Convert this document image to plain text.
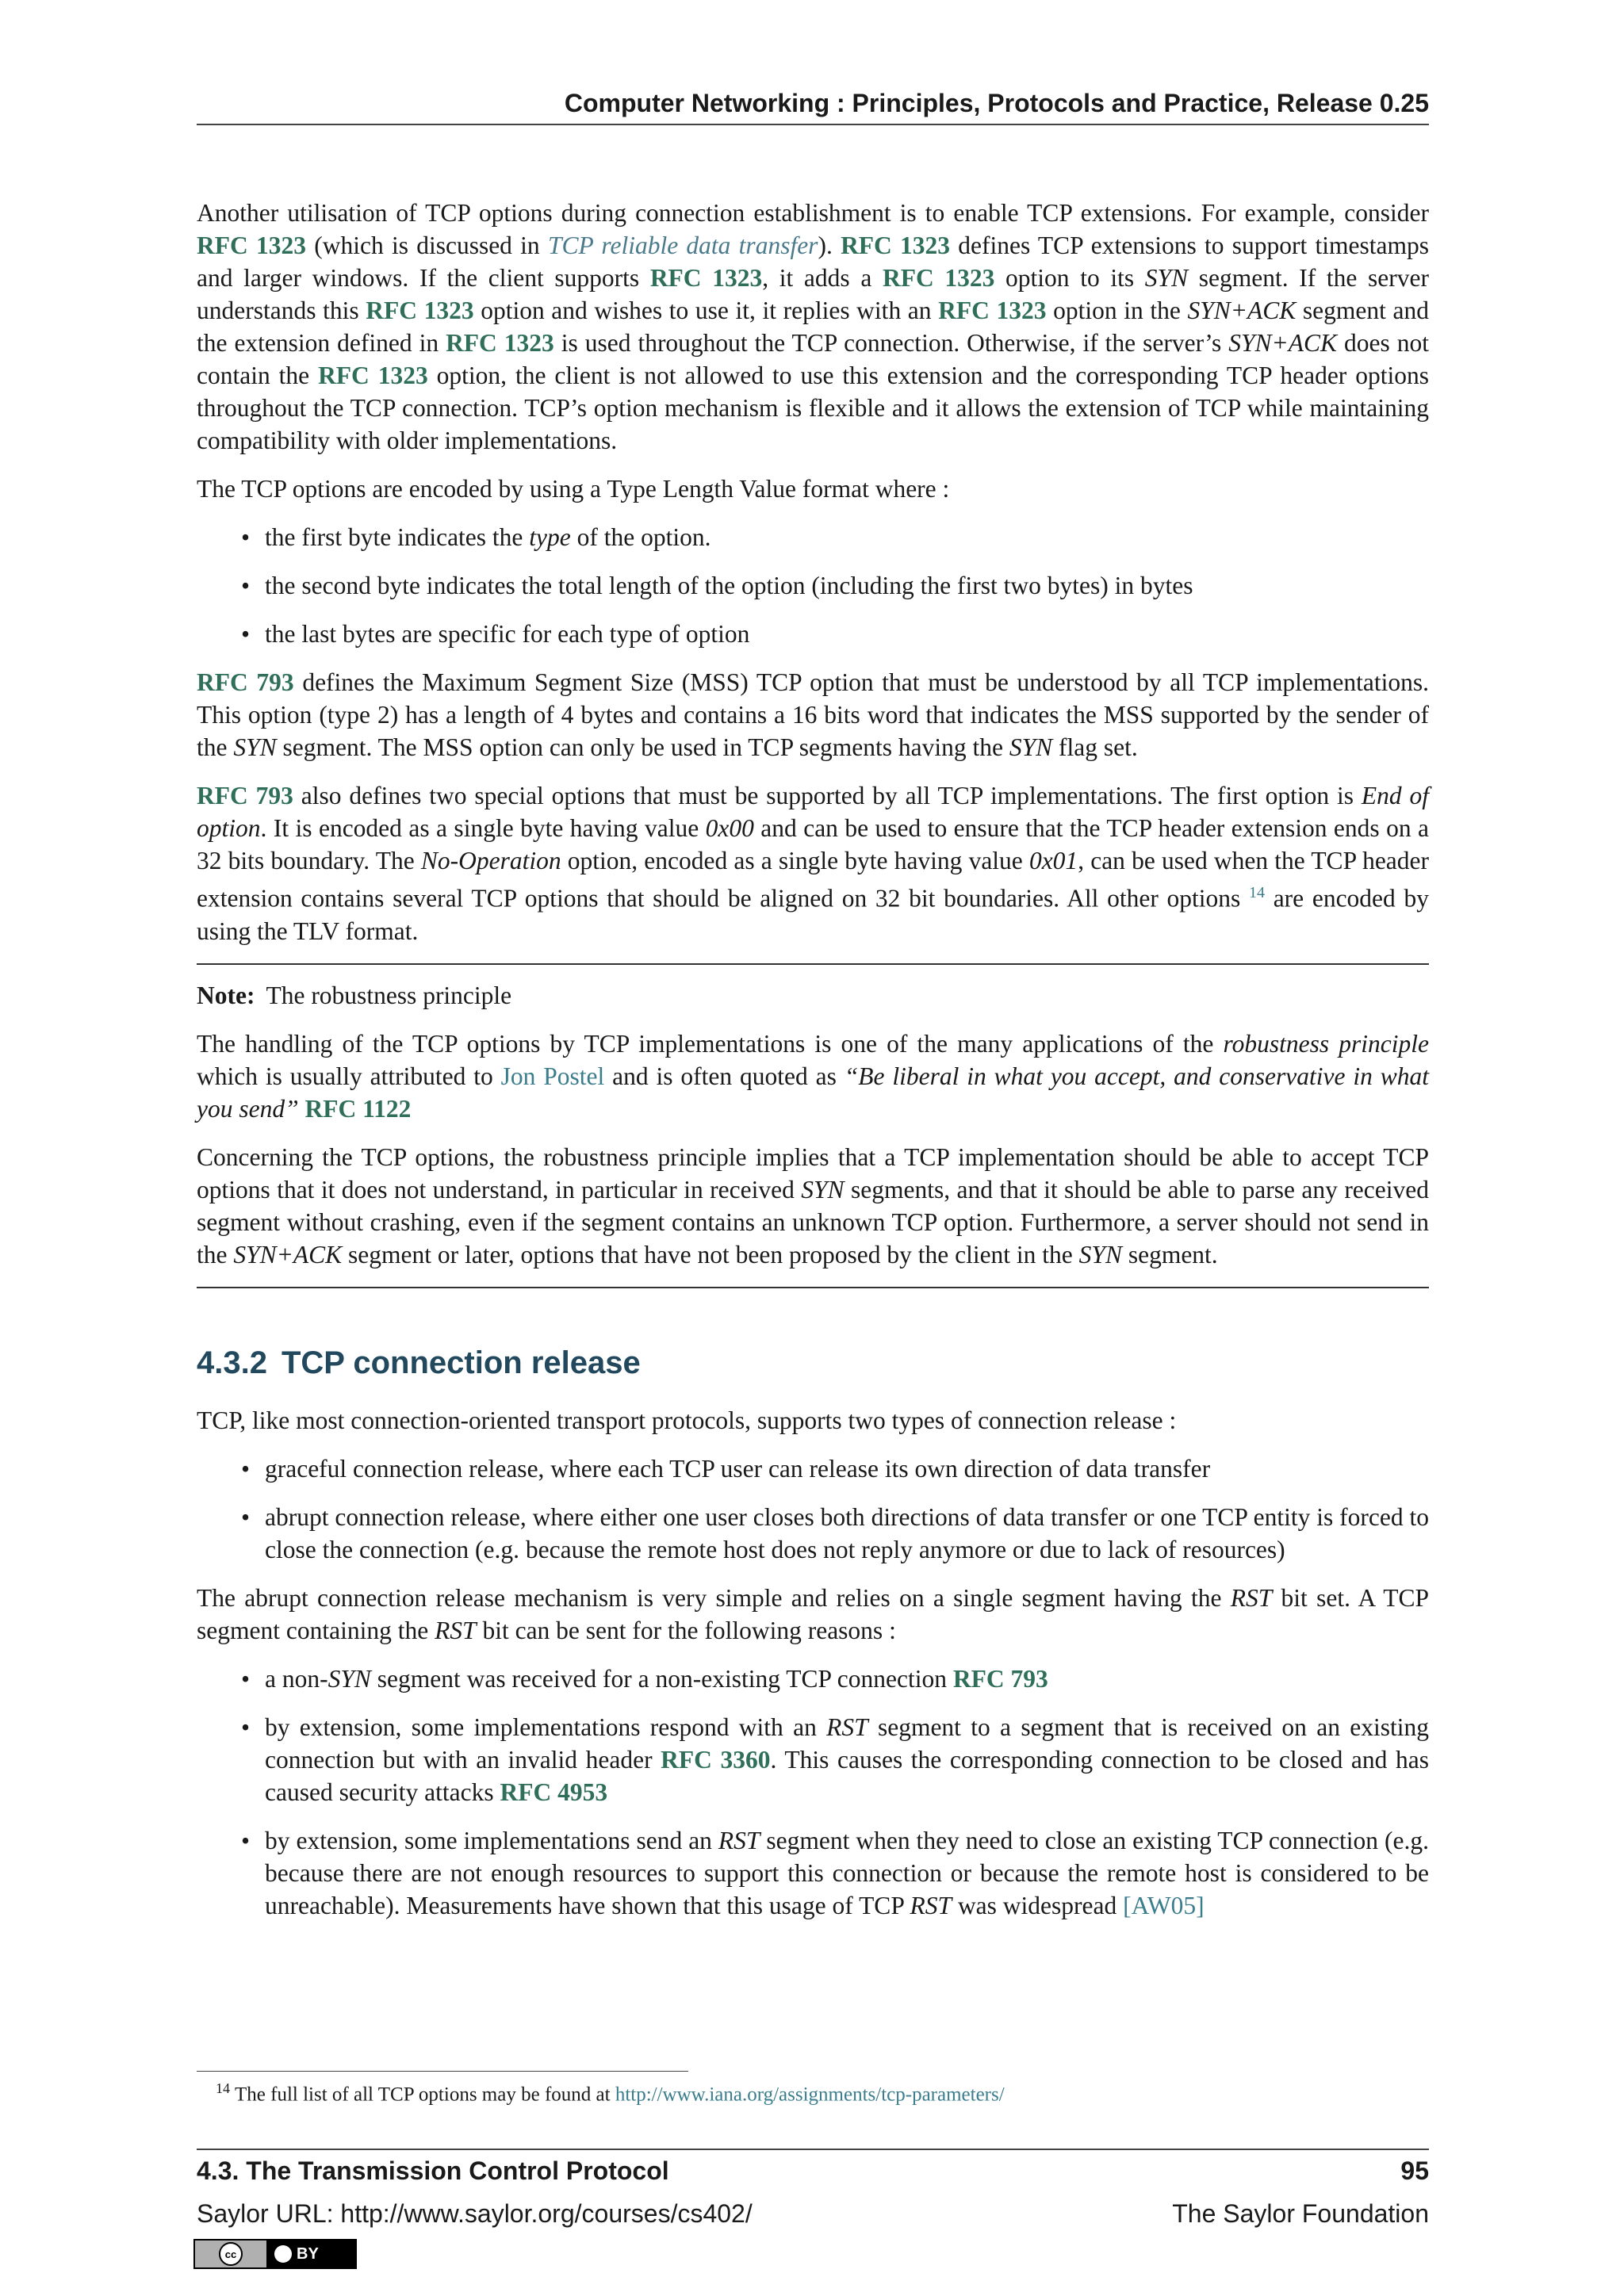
Computer Networking : Principles, Protocols and Practice, Release 0.25

Another utilisation of TCP options during connection establishment is to enable TCP extensions. For example, consider RFC 1323 (which is discussed in TCP reliable data transfer). RFC 1323 defines TCP extensions to support timestamps and larger windows. If the client supports RFC 1323, it adds a RFC 1323 option to its SYN segment. If the server understands this RFC 1323 option and wishes to use it, it replies with an RFC 1323 option in the SYN+ACK segment and the extension defined in RFC 1323 is used throughout the TCP connection. Otherwise, if the server’s SYN+ACK does not contain the RFC 1323 option, the client is not allowed to use this extension and the corresponding TCP header options throughout the TCP connection. TCP’s option mechanism is flexible and it allows the extension of TCP while maintaining compatibility with older implementations.

The TCP options are encoded by using a Type Length Value format where :

• the first byte indicates the type of the option.
• the second byte indicates the total length of the option (including the first two bytes) in bytes
• the last bytes are specific for each type of option

RFC 793 defines the Maximum Segment Size (MSS) TCP option that must be understood by all TCP implementations. This option (type 2) has a length of 4 bytes and contains a 16 bits word that indicates the MSS supported by the sender of the SYN segment. The MSS option can only be used in TCP segments having the SYN flag set.

RFC 793 also defines two special options that must be supported by all TCP implementations. The first option is End of option. It is encoded as a single byte having value 0x00 and can be used to ensure that the TCP header extension ends on a 32 bits boundary. The No-Operation option, encoded as a single byte having value 0x01, can be used when the TCP header extension contains several TCP options that should be aligned on 32 bit boundaries. All other options $^{14}$ are encoded by using the TLV format.

Note: The robustness principle

The handling of the TCP options by TCP implementations is one of the many applications of the robustness principle which is usually attributed to Jon Postel and is often quoted as “Be liberal in what you accept, and conservative in what you send” RFC 1122

Concerning the TCP options, the robustness principle implies that a TCP implementation should be able to accept TCP options that it does not understand, in particular in received SYN segments, and that it should be able to parse any received segment without crashing, even if the segment contains an unknown TCP option. Furthermore, a server should not send in the SYN+ACK segment or later, options that have not been proposed by the client in the SYN segment.

4.3.2 TCP connection release

TCP, like most connection-oriented transport protocols, supports two types of connection release :

• graceful connection release, where each TCP user can release its own direction of data transfer
• abrupt connection release, where either one user closes both directions of data transfer or one TCP entity is forced to close the connection (e.g. because the remote host does not reply anymore or due to lack of resources)

The abrupt connection release mechanism is very simple and relies on a single segment having the RST bit set. A TCP segment containing the RST bit can be sent for the following reasons :

• a non-SYN segment was received for a non-existing TCP connection RFC 793
• by extension, some implementations respond with an RST segment to a segment that is received on an existing connection but with an invalid header RFC 3360. This causes the corresponding connection to be closed and has caused security attacks RFC 4953
• by extension, some implementations send an RST segment when they need to close an existing TCP connection (e.g. because there are not enough resources to support this connection or because the remote host is considered to be unreachable). Measurements have shown that this usage of TCP RST was widespread [AW05]
$^{14}$ The full list of all TCP options may be found at http://www.iana.org/assignments/tcp-parameters/
4.3. The Transmission Control Protocol	95
Saylor URL: http://www.saylor.org/courses/cs402/	The Saylor Foundation
cc	BY
